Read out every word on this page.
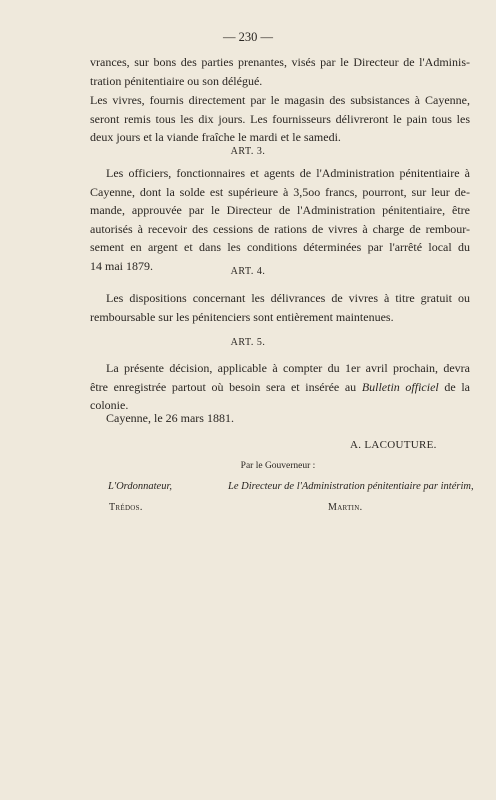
— 230 —
vrances, sur bons des parties prenantes, visés par le Directeur de l'Adminis-
tration pénitentiaire ou son délégué.
Les vivres, fournis directement par le magasin des subsistances à Cayenne,
seront remis tous les dix jours. Les fournisseurs délivreront le pain tous les
deux jours et la viande fraîche le mardi et le samedi.
ART. 3.
Les officiers, fonctionnaires et agents de l'Administration pénitentiaire à
Cayenne, dont la solde est supérieure à 3,5oo francs, pourront, sur leur de-
mande, approuvée par le Directeur de l'Administration pénitentiaire, être
autorisés à recevoir des cessions de rations de vivres à charge de rembour-
sement en argent et dans les conditions déterminées par l'arrêté local du
14 mai 1879.	ART. 4.
Les dispositions concernant les délivrances de vivres à titre gratuit ou
remboursable sur les pénitenciers sont entièrement maintenues.
ART. 5.
La présente décision, applicable à compter du 1er avril prochain, devra
être enregistrée partout où besoin sera et insérée au Bulletin officiel de la
colonie.
Cayenne, le 26 mars 1881.
A. LACOUTURE.
Par le Gouverneur :
L'Ordonnateur,	Le Directeur de l'Administration pénitentiaire par intérim,
Trédos.	Martin.
